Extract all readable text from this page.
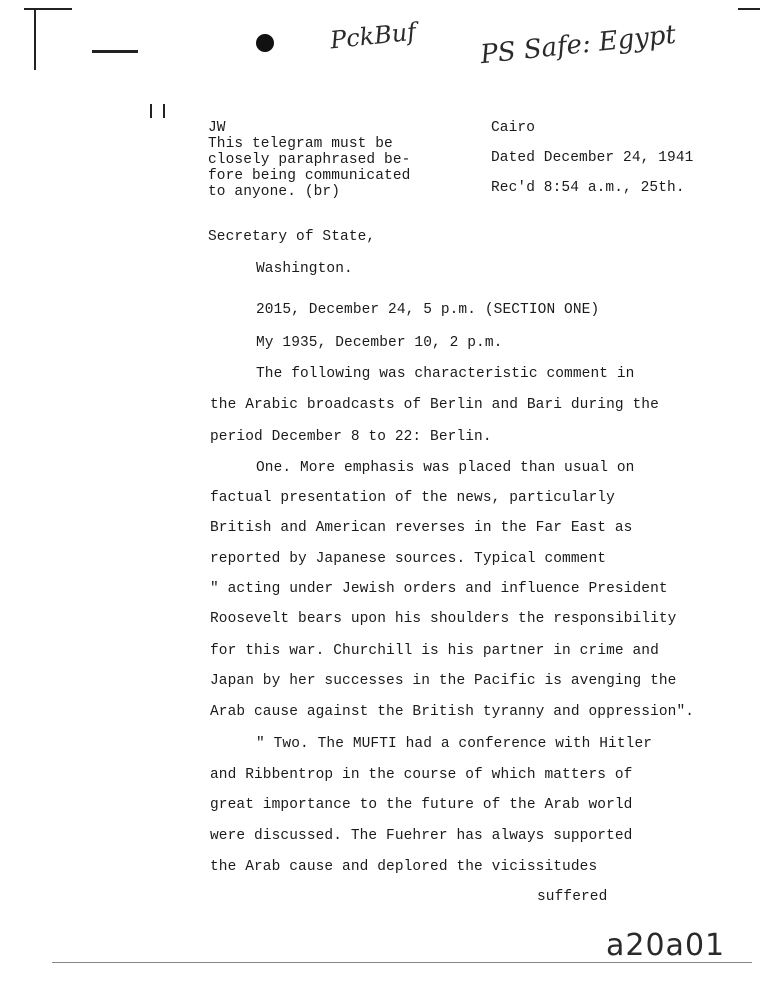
PckBuf PS Safe: Egypt
a20a01
JW
This telegram must be
closely paraphrased be-
fore being communicated
to anyone. (br)
Cairo
Dated December 24, 1941
Rec'd 8:54 a.m., 25th.
Secretary of State,
Washington.
2015, December 24, 5 p.m. (SECTION ONE)
My 1935, December 10, 2 p.m.
The following was characteristic comment in
the Arabic broadcasts of Berlin and Bari during the
period December 8 to 22: Berlin.
One. More emphasis was placed than usual on
factual presentation of the news, particularly
British and American reverses in the Far East as
reported by Japanese sources. Typical comment
" acting under Jewish orders and influence President
Roosevelt bears upon his shoulders the responsibility
for this war. Churchill is his partner in crime and
Japan by her successes in the Pacific is avenging the
Arab cause against the British tyranny and oppression".
" Two. The MUFTI had a conference with Hitler
and Ribbentrop in the course of which matters of
great importance to the future of the Arab world
were discussed. The Fuehrer has always supported
the Arab cause and deplored the vicissitudes
suffered
